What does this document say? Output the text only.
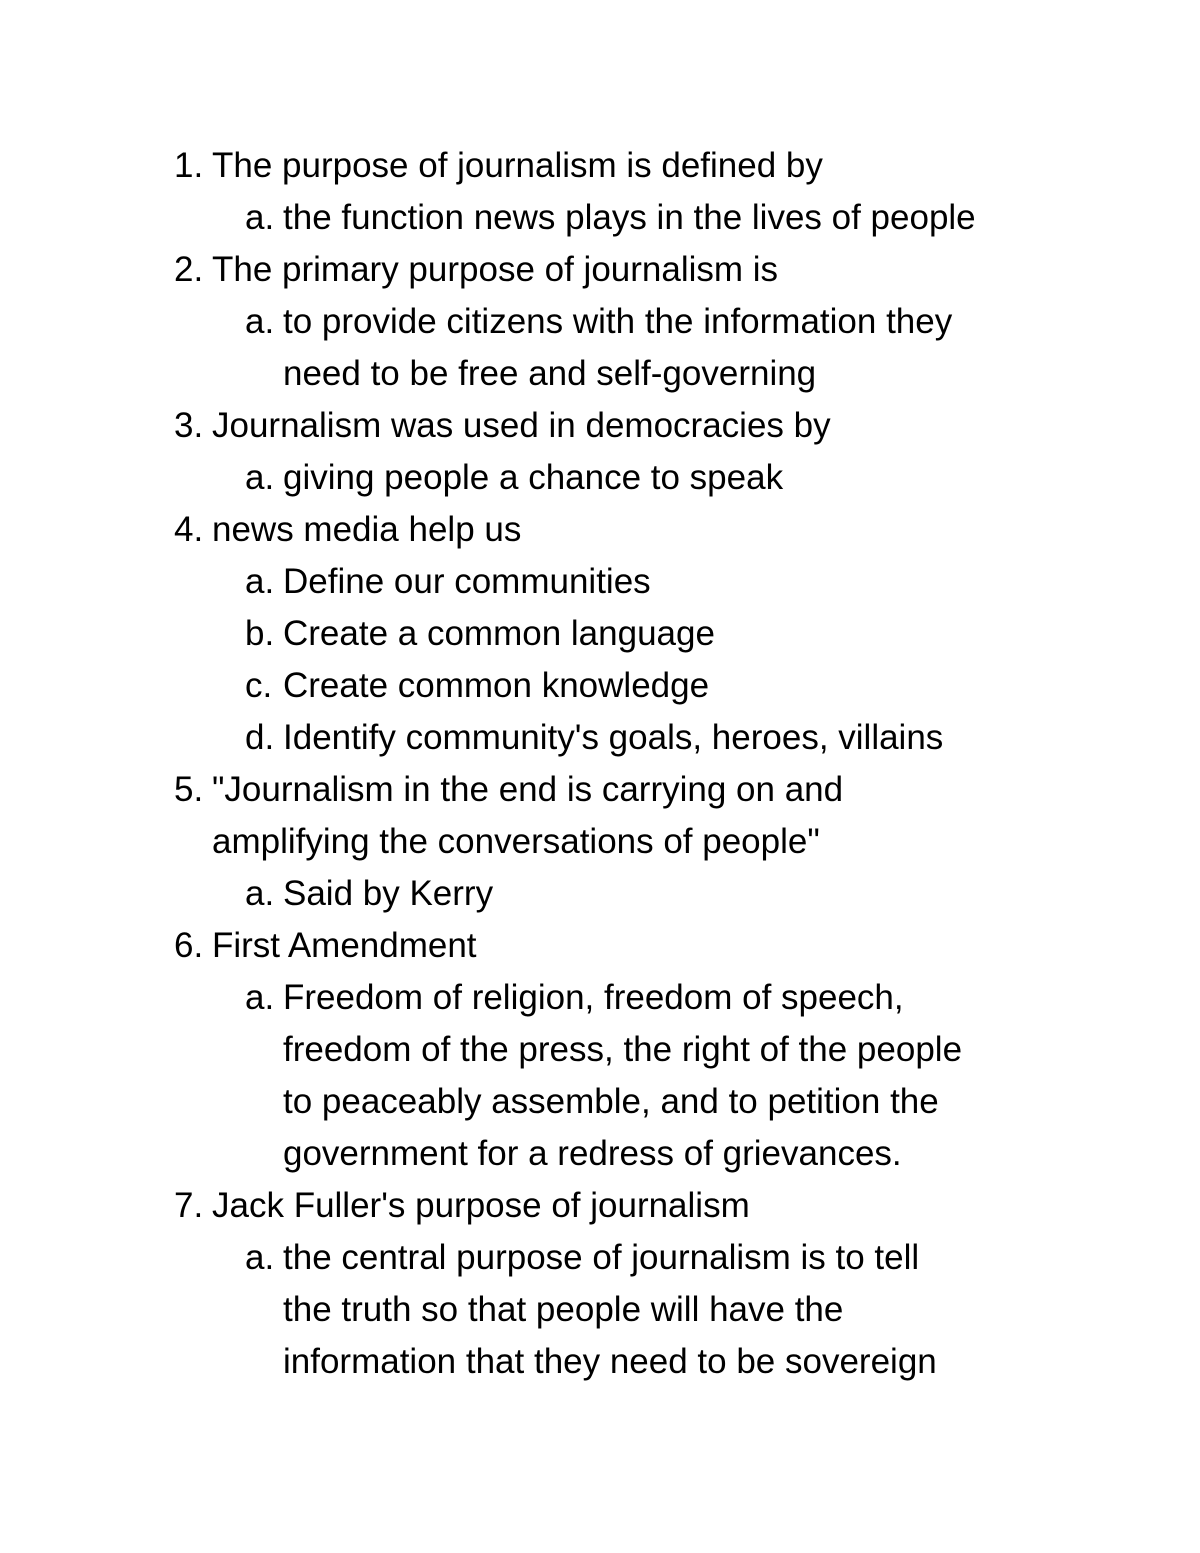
1. The purpose of journalism is defined by
a. the function news plays in the lives of people
2. The primary purpose of journalism is
a. to provide citizens with the information they
need to be free and self-governing
3. Journalism was used in democracies by
a. giving people a chance to speak
4. news media help us
a. Define our communities
b. Create a common language
c. Create common knowledge
d. Identify community's goals, heroes, villains
5. "Journalism in the end is carrying on and
amplifying the conversations of people"
a. Said by Kerry
6. First Amendment
a. Freedom of religion, freedom of speech,
freedom of the press, the right of the people
to peaceably assemble, and to petition the
government for a redress of grievances.
7. Jack Fuller's purpose of journalism
a. the central purpose of journalism is to tell
the truth so that people will have the
information that they need to be sovereign
